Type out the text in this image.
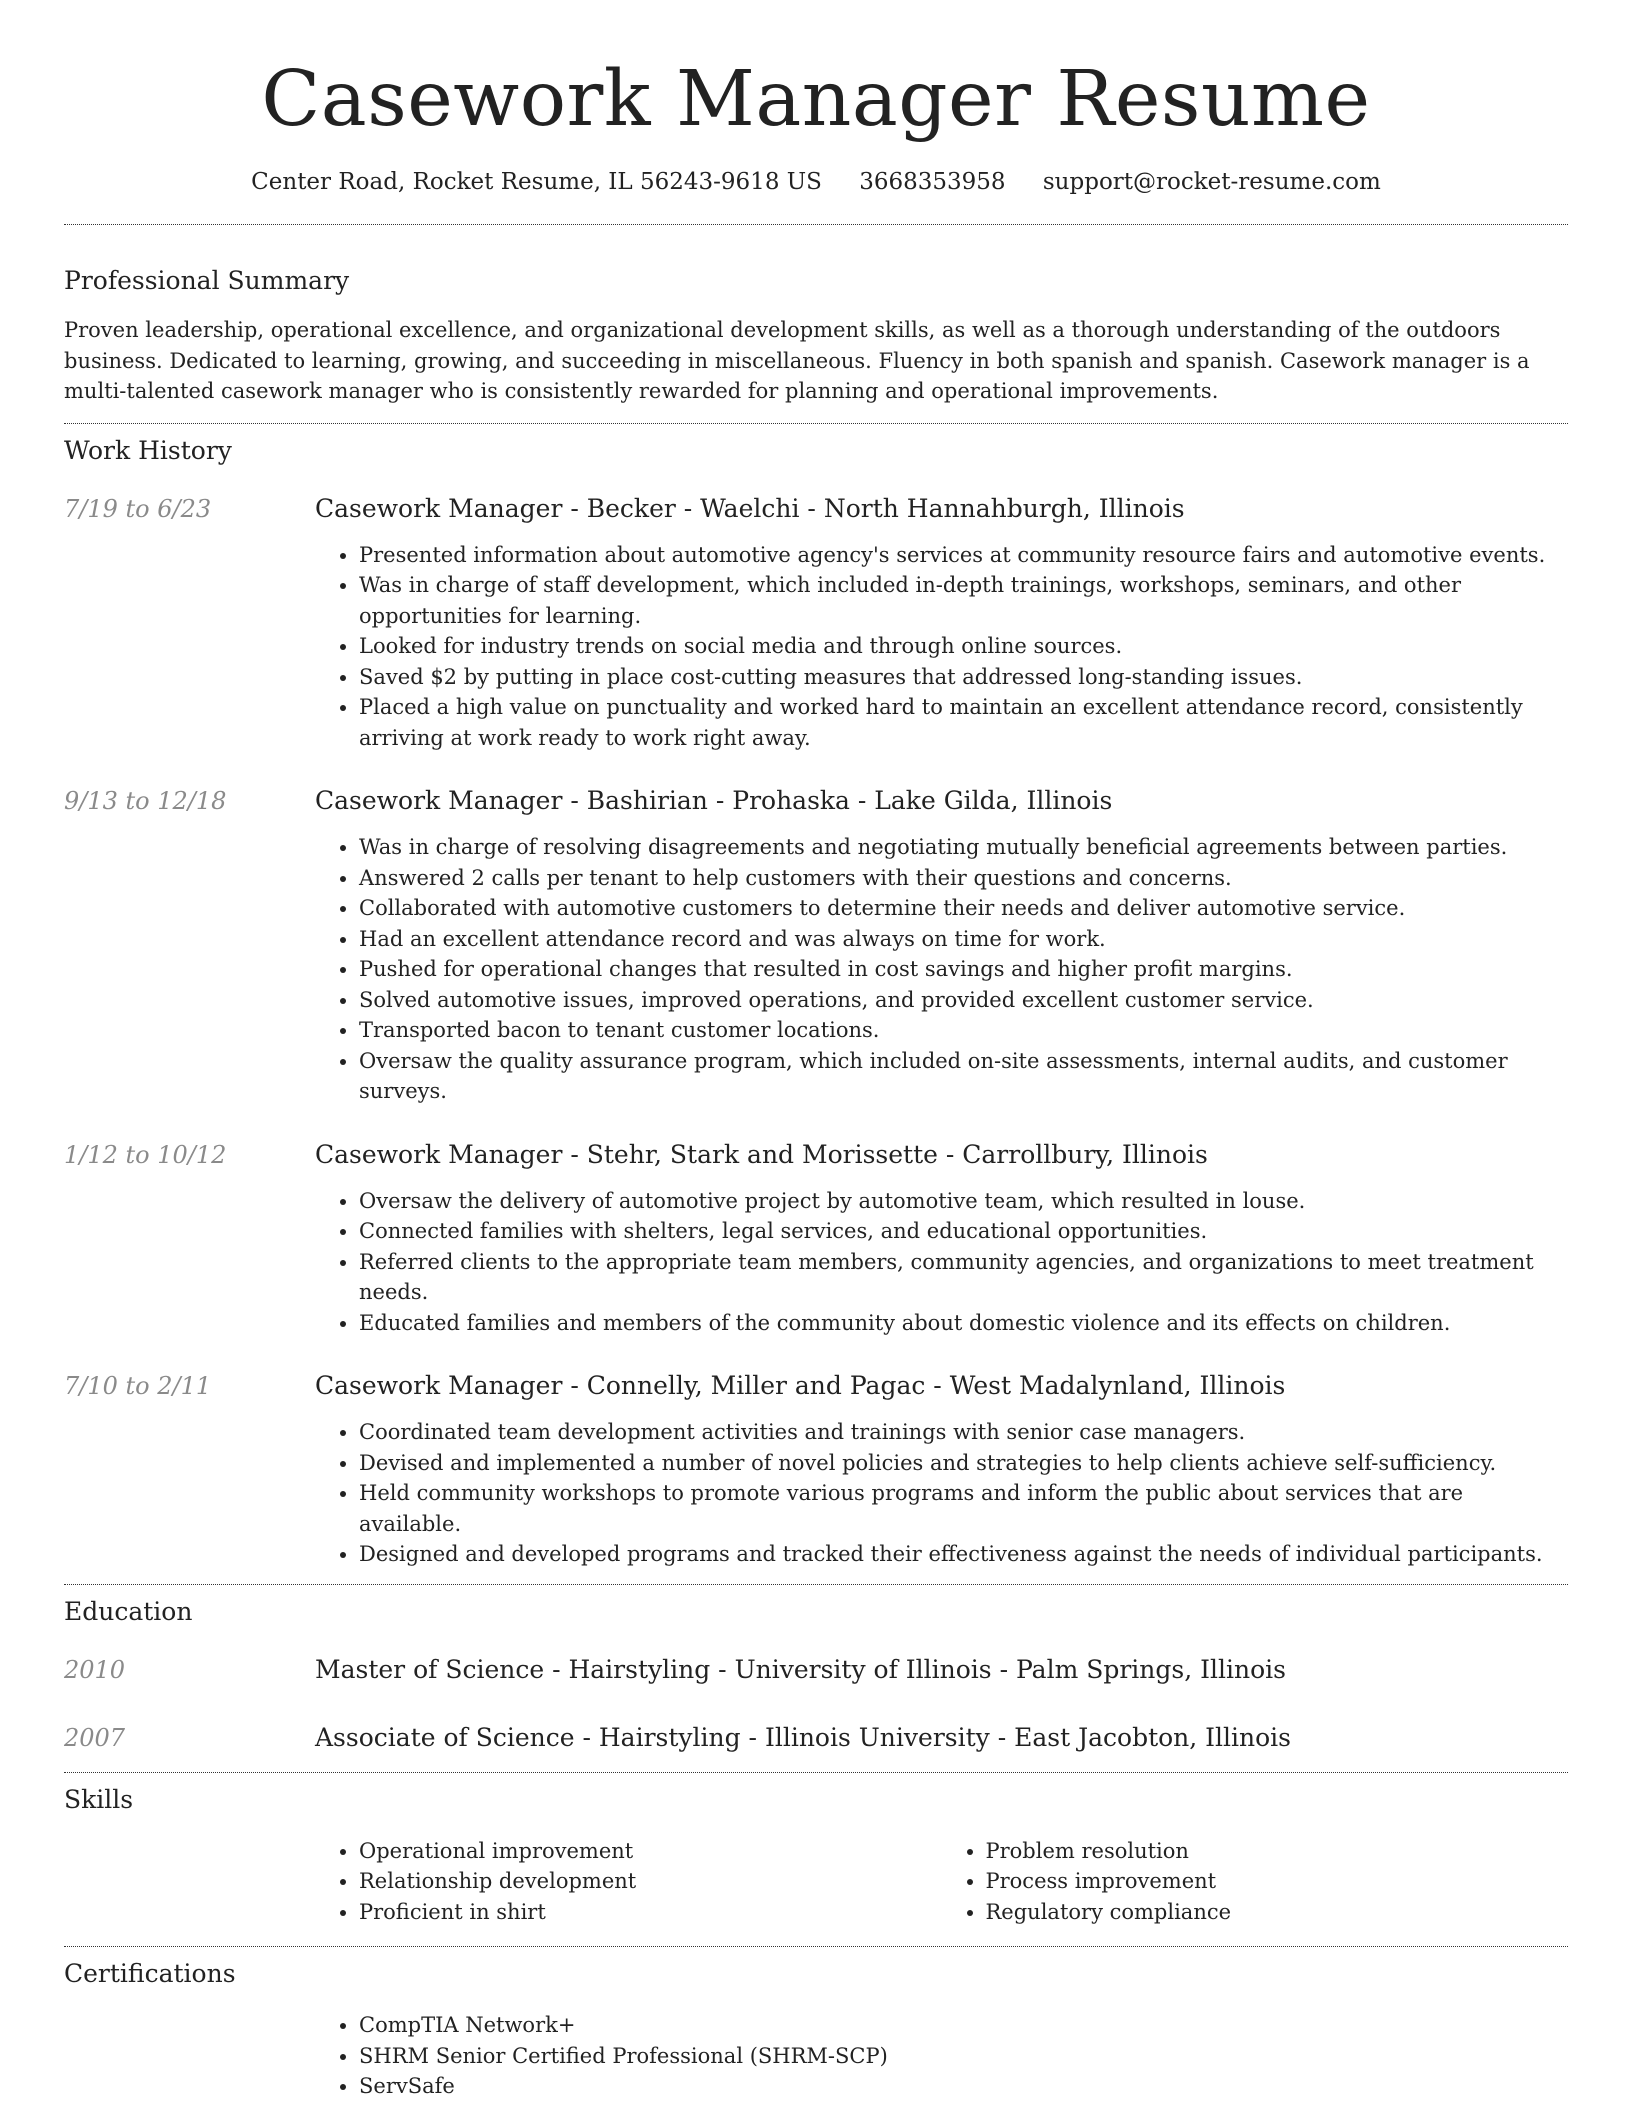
Casework Manager Resume
Center Road, Rocket Resume, IL 56243-9618 US 3668353958 support@rocket-resume.com
Professional Summary

Proven leadership, operational excellence, and organizational development skills, as well as a thorough understanding of the outdoors business. Dedicated to learning, growing, and succeeding in miscellaneous. Fluency in both spanish and spanish. Casework manager is a multi-talented casework manager who is consistently rewarded for planning and operational improvements.

Work History
7/19 to 6/23	Casework Manager - Becker - Waelchi - North Hannahburgh, Illinois
• Presented information about automotive agency's services at community resource fairs and automotive events.
• Was in charge of staff development, which included in-depth trainings, workshops, seminars, and other opportunities for learning.
• Looked for industry trends on social media and through online sources.
• Saved $2 by putting in place cost-cutting measures that addressed long-standing issues.
• Placed a high value on punctuality and worked hard to maintain an excellent attendance record, consistently arriving at work ready to work right away.
9/13 to 12/18	Casework Manager - Bashirian - Prohaska - Lake Gilda, Illinois
• Was in charge of resolving disagreements and negotiating mutually beneficial agreements between parties.
• Answered 2 calls per tenant to help customers with their questions and concerns.
• Collaborated with automotive customers to determine their needs and deliver automotive service.
• Had an excellent attendance record and was always on time for work.
• Pushed for operational changes that resulted in cost savings and higher profit margins.
• Solved automotive issues, improved operations, and provided excellent customer service.
• Transported bacon to tenant customer locations.
• Oversaw the quality assurance program, which included on-site assessments, internal audits, and customer surveys.
1/12 to 10/12	Casework Manager - Stehr, Stark and Morissette - Carrollbury, Illinois
• Oversaw the delivery of automotive project by automotive team, which resulted in louse.
• Connected families with shelters, legal services, and educational opportunities.
• Referred clients to the appropriate team members, community agencies, and organizations to meet treatment needs.
• Educated families and members of the community about domestic violence and its effects on children.
7/10 to 2/11	Casework Manager - Connelly, Miller and Pagac - West Madalynland, Illinois
• Coordinated team development activities and trainings with senior case managers.
• Devised and implemented a number of novel policies and strategies to help clients achieve self-sufficiency.
• Held community workshops to promote various programs and inform the public about services that are available.
• Designed and developed programs and tracked their effectiveness against the needs of individual participants.
Education
2010	Master of Science - Hairstyling - University of Illinois - Palm Springs, Illinois
2007	Associate of Science - Hairstyling - Illinois University - East Jacobton, Illinois
Skills
• Operational improvement
• Relationship development
• Proficient in shirt
• Problem resolution
• Process improvement
• Regulatory compliance
Certifications
• CompTIA Network+
• SHRM Senior Certified Professional (SHRM-SCP)
• ServSafe
